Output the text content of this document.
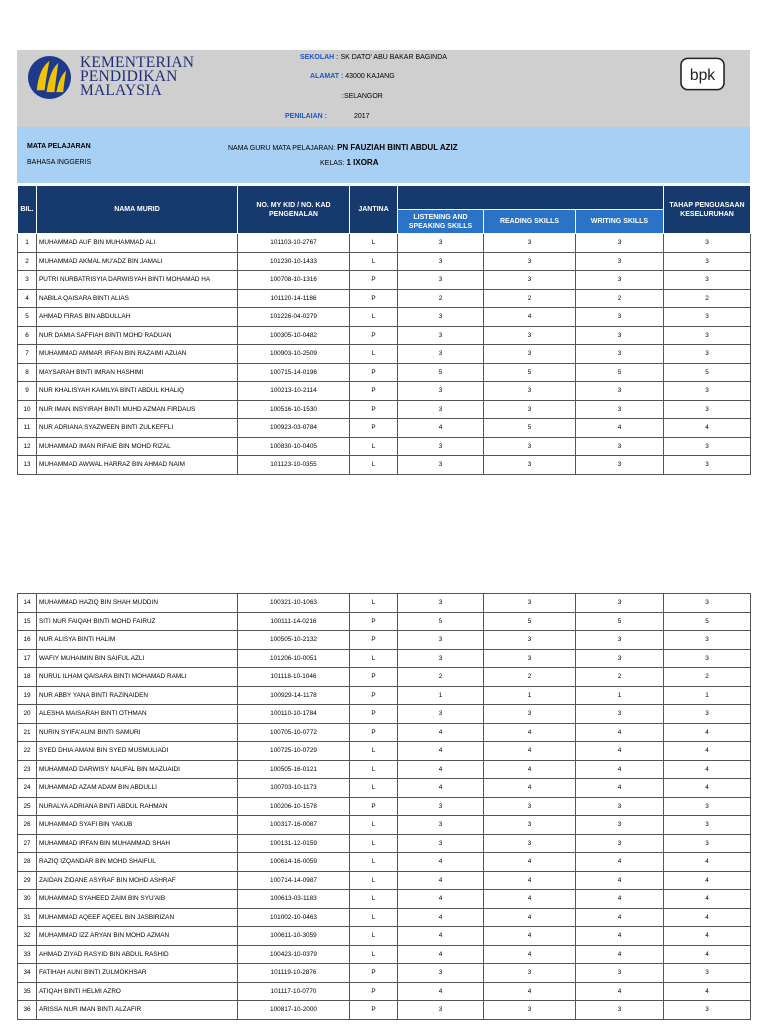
KEMENTERIAN
PENDIDIKAN
MALAYSIA
SEKOLAH : SK DATO' ABU BAKAR BAGINDA
ALAMAT : 43000 KAJANG
:SELANGOR
PENILAIAN :	2017
bpk
MATA PELAJARAN
BAHASA INGGERIS
NAMA GURU MATA PELAJARAN: PN FAUZIAH BINTI ABDUL AZIZ
KELAS: 1 IXORA
BIL.	NAMA MURID	NO. MY KID / NO. KAD PENGENALAN	JANTINA				TAHAP PENGUASAAN KESELURUHAN
				LISTENING AND SPEAKING SKILLS	READING SKILLS	WRITING SKILLS	
1	MUHAMMAD AUF BIN MUHAMMAD ALI	101103-10-2767	L	3	3	3	3
2	MUHAMMAD AKMAL MU'ADZ BIN JAMALI	101230-10-1433	L	3	3	3	3
3	PUTRI NURBATRISYIA DARWISYAH BINTI MOHAMAD HA	100708-10-1316	P	3	3	3	3
4	NABILA QAISARA BINTI ALIAS	101120-14-1186	P	2	2	2	2
5	AHMAD FIRAS BIN ABDULLAH	101226-04-0279	L	3	4	3	3
6	NUR DAMIA SAFFIAH BINTI MOHD RADUAN	100305-10-0482	P	3	3	3	3
7	MUHAMMAD AMMAR IRFAN BIN RAZAIMI AZUAN	100903-10-2509	L	3	3	3	3
8	MAYSARAH BINTI IMRAN HASHIMI	100715-14-0196	P	5	5	5	5
9	NUR KHALISYAH KAMILYA BINTI ABDUL KHALIQ	100213-10-2114	P	3	3	3	3
10	NUR IMAN INSYIRAH BINTI MUHD AZMAN FIRDAUS	100516-10-1530	P	3	3	3	3
11	NUR ADRIANA SYAZWEEN BINTI ZULKEFFLI	100923-03-0784	P	4	5	4	4
12	MUHAMMAD IMAN RIFAIE BIN MOHD RIZAL	100830-10-0405	L	3	3	3	3
13	MUHAMMAD AWWAL HARRAZ BIN AHMAD NAIM	101123-10-0355	L	3	3	3	3
14	MUHAMMAD HAZIQ BIN SHAH MUDDIN	100321-10-1063	L	3	3	3	3
15	SITI NUR FAIQAH BINTI MOHD FAIRUZ	100111-14-0216	P	5	5	5	5
16	NUR ALISYA BINTI HALIM	100505-10-2132	P	3	3	3	3
17	WAFIY MUHAIMIN BIN SAIFUL AZLI	101206-10-0051	L	3	3	3	3
18	NURUL ILHAM QAISARA BINTI MOHAMAD RAMLI	101118-10-1046	P	2	2	2	2
19	NUR ABBY YANA BINTI RAZINAIDEN	100929-14-1178	P	1	1	1	1
20	ALESHA MAISARAH BINTI OTHMAN	100110-10-1784	P	3	3	3	3
21	NURIN SYIFA'AUNI BINTI SAMURI	100705-10-0772	P	4	4	4	4
22	SYED DHIA AMANI BIN SYED MUSMULIADI	100725-10-0729	L	4	4	4	4
23	MUHAMMAD DARWISY NAUFAL BIN MAZUAIDI	100505-16-0121	L	4	4	4	4
24	MUHAMMAD AZAM ADAM BIN ABDULLI	100703-10-1173	L	4	4	4	4
25	NURALYA ADRIANA BINTI ABDUL RAHMAN	100206-10-1578	P	3	3	3	3
26	MUHAMMAD SYAFI BIN YAKUB	100317-16-0087	L	3	3	3	3
27	MUHAMMAD IRFAN BIN MUHAMMAD SHAH	100131-12-0159	L	3	3	3	3
28	RAZIQ IZQANDAR BIN MOHD SHAIFUL	100614-16-0059	L	4	4	4	4
29	ZAIDAN ZIDANE ASYRAF BIN MOHD ASHRAF	100714-14-0987	L	4	4	4	4
30	MUHAMMAD SYAHEED ZAIM BIN SYU'AIB	100613-03-1183	L	4	4	4	4
31	MUHAMMAD AQEEF AQEEL BIN JASBIRIZAN	101002-10-0463	L	4	4	4	4
32	MUHAMMAD IZZ ARYAN BIN MOHD AZMAN	100611-10-3059	L	4	4	4	4
33	AHMAD ZIYAD RASYID BIN ABDUL RASHID	100423-10-0379	L	4	4	4	4
34	FATIHAH AUNI BINTI ZULMOKHSAR	101119-10-2876	P	3	3	3	3
35	ATIQAH BINTI HELMI AZRO	101117-10-0770	P	4	4	4	4
36	ARISSA NUR IMAN BINTI ALZAFIR	100817-10-2000	P	3	3	3	3
